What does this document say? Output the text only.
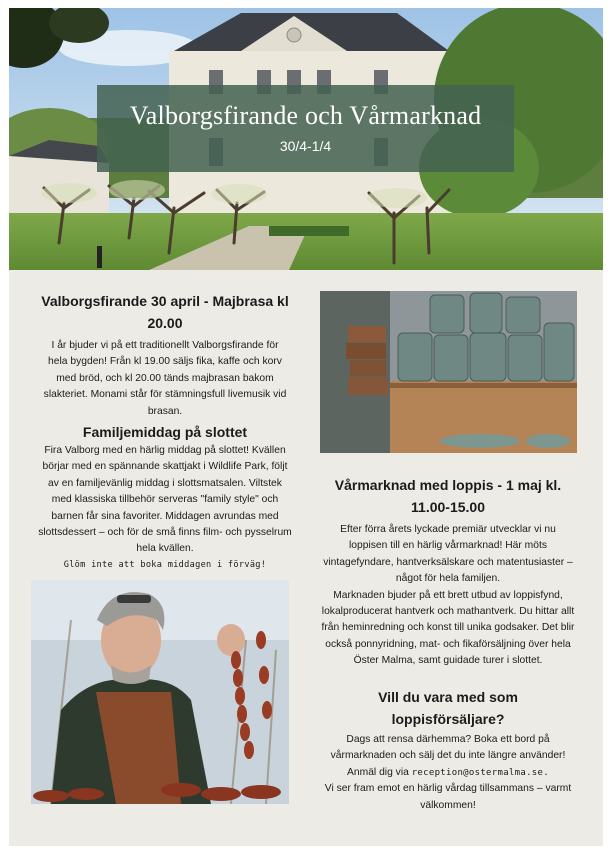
Valborgsfirande och Vårmarknad
30/4-1/4
Valborgsfirande 30 april - Majbrasa kl 20.00

I år bjuder vi på ett traditionellt Valborgsfirande för hela bygden! Från kl 19.00 säljs fika, kaffe och korv med bröd, och kl 20.00 tänds majbrasan bakom slakteriet. Monami står för stämningsfull livemusik vid brasan.

Familjemiddag på slottet

Fira Valborg med en härlig middag på slottet! Kvällen börjar med en spännande skattjakt i Wildlife Park, följt av en familjevänlig middag i slottsmatsalen. Viltstek med klassiska tillbehör serveras "family style" och barnen får sina favoriter. Middagen avrundas med slottsdessert – och för de små finns film- och pysselrum hela kvällen.

Glöm inte att boka middagen i förväg!
Vårmarknad med loppis - 1 maj kl. 11.00-15.00

Efter förra årets lyckade premiär utvecklar vi nu loppisen till en härlig vårmarknad! Här möts vintagefyndare, hantverksälskare och matentusiaster – något för hela familjen.

Marknaden bjuder på ett brett utbud av loppisfynd, lokalproducerat hantverk och mathantverk. Du hittar allt från heminredning och konst till unika godsaker. Det blir också ponnyridning, mat- och fikaförsäljning över hela Öster Malma, samt guidade turer i slottet.

Vill du vara med som loppisförsäljare?

Dags att rensa därhemma? Boka ett bord på vårmarknaden och sälj det du inte längre använder!

Anmäl dig via reception@ostermalma.se.

Vi ser fram emot en härlig vårdag tillsammans – varmt välkommen!
